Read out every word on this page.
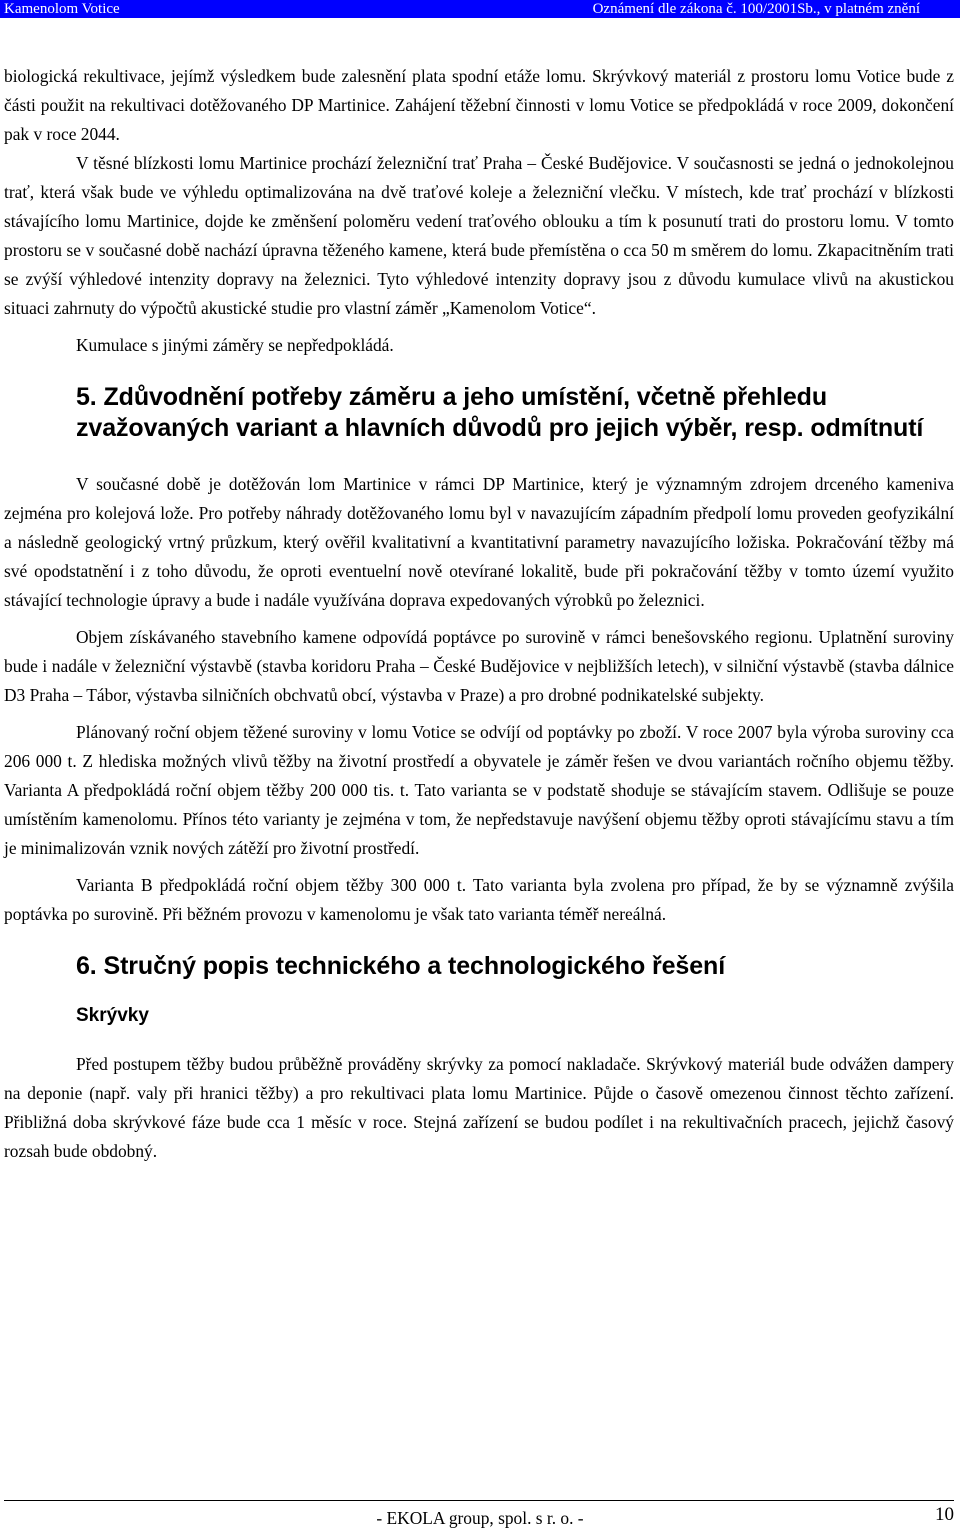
Kamenolom Votice	Oznámení dle zákona č. 100/2001Sb., v platném znění

biologická rekultivace, jejímž výsledkem bude zalesnění plata spodní etáže lomu. Skrývkový materiál z prostoru lomu Votice bude z části použit na rekultivaci dotěžovaného DP Martinice. Zahájení těžební činnosti v lomu Votice se předpokládá v roce 2009, dokončení pak v roce 2044.

V těsné blízkosti lomu Martinice prochází železniční trať Praha – České Budějovice. V současnosti se jedná o jednokolejnou trať, která však bude ve výhledu optimalizována na dvě traťové koleje a železniční vlečku. V místech, kde trať prochází v blízkosti stávajícího lomu Martinice, dojde ke změnšení poloměru vedení traťového oblouku a tím k posunutí trati do prostoru lomu. V tomto prostoru se v současné době nachází úpravna těženého kamene, která bude přemístěna o cca 50 m směrem do lomu. Zkapacitněním trati se zvýší výhledové intenzity dopravy na železnici. Tyto výhledové intenzity dopravy jsou z důvodu kumulace vlivů na akustickou situaci zahrnuty do výpočtů akustické studie pro vlastní záměr „Kamenolom Votice“.

Kumulace s jinými záměry se nepředpokládá.

5. Zdůvodnění potřeby záměru a jeho umístění, včetně přehledu zvažovaných variant a hlavních důvodů pro jejich výběr, resp. odmítnutí

V současné době je dotěžován lom Martinice v rámci DP Martinice, který je významným zdrojem drceného kameniva zejména pro kolejová lože. Pro potřeby náhrady dotěžovaného lomu byl v navazujícím západním předpolí lomu proveden geofyzikální a následně geologický vrtný průzkum, který ověřil kvalitativní a kvantitativní parametry navazujícího ložiska. Pokračování těžby má své opodstatnění i z toho důvodu, že oproti eventuelní nově otevírané lokalitě, bude při pokračování těžby v tomto území využito stávající technologie úpravy a bude i nadále využívána doprava expedovaných výrobků po železnici.

Objem získávaného stavebního kamene odpovídá poptávce po surovině v rámci benešovského regionu. Uplatnění suroviny bude i nadále v železniční výstavbě (stavba koridoru Praha – České Budějovice v nejbližších letech), v silniční výstavbě (stavba dálnice D3 Praha – Tábor, výstavba silničních obchvatů obcí, výstavba v Praze) a pro drobné podnikatelské subjekty.

Plánovaný roční objem těžené suroviny v lomu Votice se odvíjí od poptávky po zboží. V roce 2007 byla výroba suroviny cca 206 000 t. Z hlediska možných vlivů těžby na životní prostředí a obyvatele je záměr řešen ve dvou variantách ročního objemu těžby. Varianta A předpokládá roční objem těžby 200 000 tis. t. Tato varianta se v podstatě shoduje se stávajícím stavem. Odlišuje se pouze umístěním kamenolomu. Přínos této varianty je zejména v tom, že nepředstavuje navýšení objemu těžby oproti stávajícímu stavu a tím je minimalizován vznik nových zátěží pro životní prostředí.

Varianta B předpokládá roční objem těžby 300 000 t. Tato varianta byla zvolena pro případ, že by se významně zvýšila poptávka po surovině. Při běžném provozu v kamenolomu je však tato varianta téměř nereálná.

6. Stručný popis technického a technologického řešení
Skrývky

Před postupem těžby budou průběžně prováděny skrývky za pomocí nakladače. Skrývkový materiál bude odvážen dampery na deponie (např. valy při hranici těžby) a pro rekultivaci plata lomu Martinice. Půjde o časově omezenou činnost těchto zařízení. Přibližná doba skrývkové fáze bude cca 1 měsíc v roce. Stejná zařízení se budou podílet i na rekultivačních pracech, jejichž časový rozsah bude obdobný.

- EKOLA group, spol. s r. o. -	10
